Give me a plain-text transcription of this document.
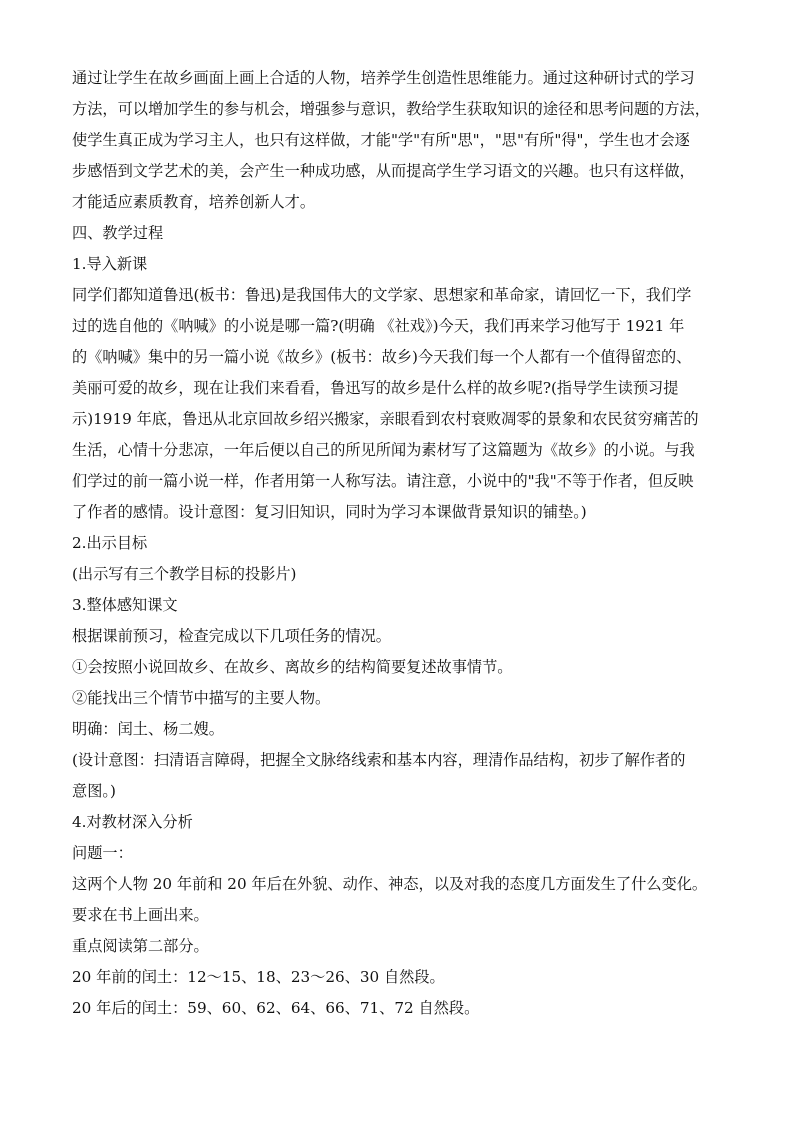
通过让学生在故乡画面上画上合适的人物，培养学生创造性思维能力。通过这种研讨式的学习
方法，可以增加学生的参与机会，增强参与意识，教给学生获取知识的途径和思考问题的方法，
使学生真正成为学习主人，也只有这样做，才能"学"有所"思"，"思"有所"得"，学生也才会逐
步感悟到文学艺术的美，会产生一种成功感，从而提高学生学习语文的兴趣。也只有这样做，
才能适应素质教育，培养创新人才。

四、教学过程

1.导入新课

同学们都知道鲁迅(板书：鲁迅)是我国伟大的文学家、思想家和革命家，请回忆一下，我们学
过的选自他的《呐喊》的小说是哪一篇?(明确 《社戏》)今天，我们再来学习他写于 1921 年
的《呐喊》集中的另一篇小说《故乡》(板书：故乡)今天我们每一个人都有一个值得留恋的、
美丽可爱的故乡，现在让我们来看看，鲁迅写的故乡是什么样的故乡呢?(指导学生读预习提
示)1919 年底，鲁迅从北京回故乡绍兴搬家，亲眼看到农村衰败凋零的景象和农民贫穷痛苦的
生活，心情十分悲凉，一年后便以自己的所见所闻为素材写了这篇题为《故乡》的小说。与我
们学过的前一篇小说一样，作者用第一人称写法。请注意，小说中的"我"不等于作者，但反映
了作者的感情。设计意图：复习旧知识，同时为学习本课做背景知识的铺垫。)

2.出示目标

(出示写有三个教学目标的投影片)

3.整体感知课文

根据课前预习，检查完成以下几项任务的情况。

①会按照小说回故乡、在故乡、离故乡的结构简要复述故事情节。

②能找出三个情节中描写的主要人物。

明确：闰土、杨二嫂。

(设计意图：扫清语言障碍，把握全文脉络线索和基本内容，理清作品结构，初步了解作者的
意图。)

4.对教材深入分析

问题一：

这两个人物 20 年前和 20 年后在外貌、动作、神态，以及对我的态度几方面发生了什么变化。
要求在书上画出来。

重点阅读第二部分。

20 年前的闰土：12～15、18、23～26、30 自然段。

20 年后的闰土：59、60、62、64、66、71、72 自然段。
